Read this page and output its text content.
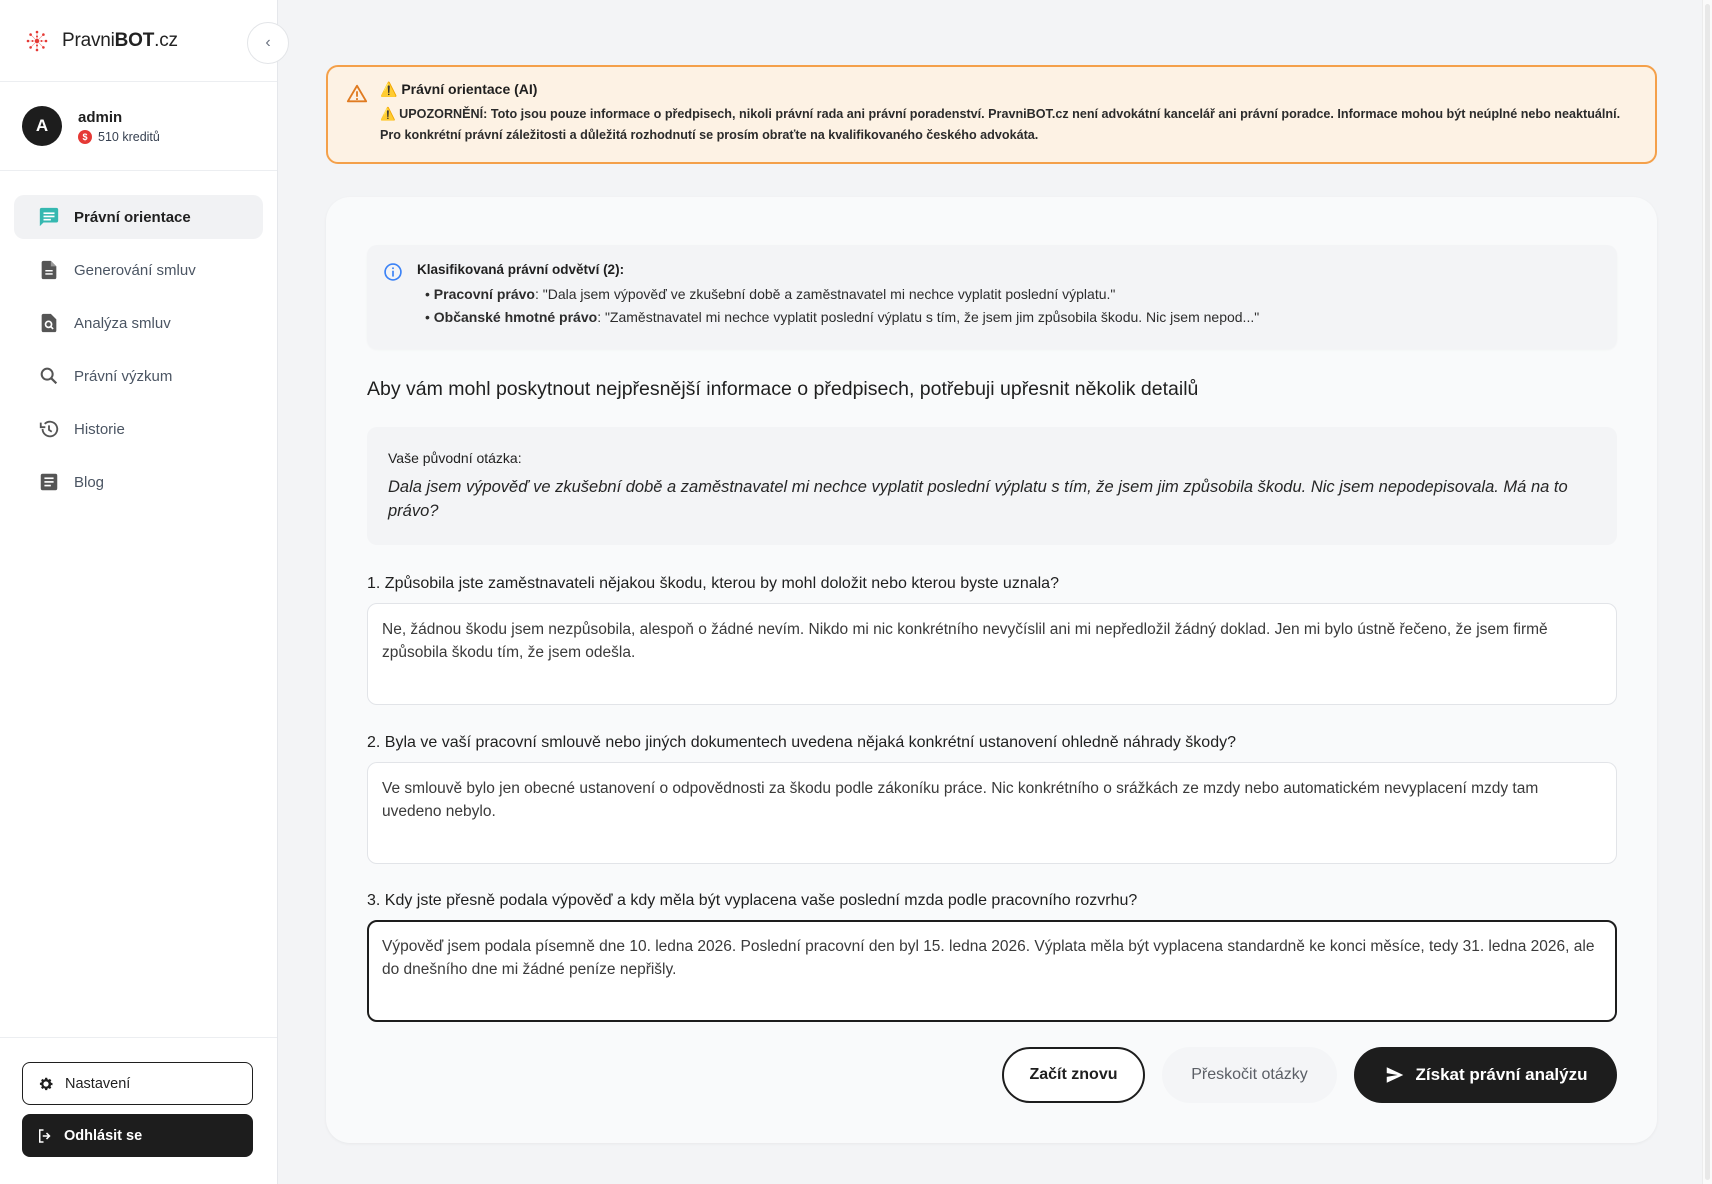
PravniBOT.cz	‹
A	admin
$ 510 kreditů
Právní orientace
Generování smluv
Analýza smluv
Právní výzkum
Historie
Blog
Nastavení
Odhlásit se
⚠️ Právní orientace (AI)
⚠️ UPOZORNĚNÍ: Toto jsou pouze informace o předpisech, nikoli právní rada ani právní poradenství. PravniBOT.cz není advokátní kancelář ani právní poradce. Informace mohou být neúplné nebo neaktuální. Pro konkrétní právní záležitosti a důležitá rozhodnutí se prosím obraťte na kvalifikovaného českého advokáta.
Klasifikovaná právní odvětví (2):
• Pracovní právo: "Dala jsem výpověď ve zkušební době a zaměstnavatel mi nechce vyplatit poslední výplatu."
• Občanské hmotné právo: "Zaměstnavatel mi nechce vyplatit poslední výplatu s tím, že jsem jim způsobila škodu. Nic jsem nepod..."
Aby vám mohl poskytnout nejpřesnější informace o předpisech, potřebuji upřesnit několik detailů
Vaše původní otázka:
Dala jsem výpověď ve zkušební době a zaměstnavatel mi nechce vyplatit poslední výplatu s tím, že jsem jim způsobila škodu. Nic jsem nepodepisovala. Má na to právo?
1. Způsobila jste zaměstnavateli nějakou škodu, kterou by mohl doložit nebo kterou byste uznala?
Ne, žádnou škodu jsem nezpůsobila, alespoň o žádné nevím. Nikdo mi nic konkrétního nevyčíslil ani mi nepředložil žádný doklad. Jen mi bylo ústně řečeno, že jsem firmě způsobila škodu tím, že jsem odešla.
2. Byla ve vaší pracovní smlouvě nebo jiných dokumentech uvedena nějaká konkrétní ustanovení ohledně náhrady škody?
Ve smlouvě bylo jen obecné ustanovení o odpovědnosti za škodu podle zákoníku práce. Nic konkrétního o srážkách ze mzdy nebo automatickém nevyplacení mzdy tam uvedeno nebylo.
3. Kdy jste přesně podala výpověď a kdy měla být vyplacena vaše poslední mzda podle pracovního rozvrhu?
Výpověď jsem podala písemně dne 10. ledna 2026. Poslední pracovní den byl 15. ledna 2026. Výplata měla být vyplacena standardně ke konci měsíce, tedy 31. ledna 2026, ale do dnešního dne mi žádné peníze nepřišly.
Začít znovu	Přeskočit otázky	Získat právní analýzu
